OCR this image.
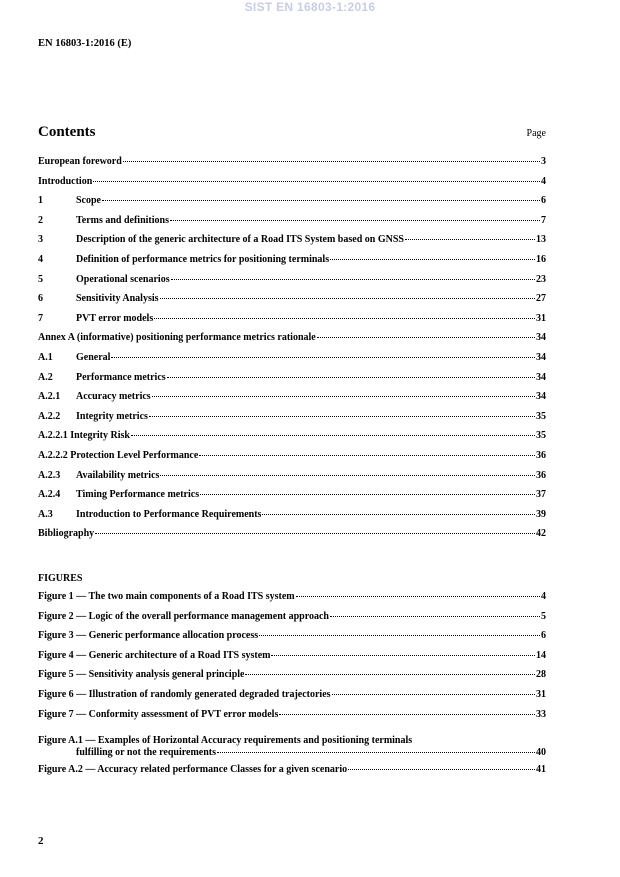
SIST EN 16803-1:2016
EN 16803-1:2016 (E)
Contents	Page
European foreword	3
Introduction	4
1	Scope	6
2	Terms and definitions	7
3	Description of the generic architecture of a Road ITS System based on GNSS	13
4	Definition of performance metrics for positioning terminals	16
5	Operational scenarios	23
6	Sensitivity Analysis	27
7	PVT error models	31
Annex A (informative) positioning performance metrics rationale	34
A.1	General	34
A.2	Performance metrics	34
A.2.1	Accuracy metrics	34
A.2.2	Integrity metrics	35
A.2.2.1 Integrity Risk	35
A.2.2.2 Protection Level Performance	36
A.2.3	Availability metrics	36
A.2.4	Timing Performance metrics	37
A.3	Introduction to Performance Requirements	39
Bibliography	42
FIGURES
Figure 1 — The two main components of a Road ITS system	4
Figure 2 — Logic of the overall performance management approach	5
Figure 3 — Generic performance allocation process	6
Figure 4 — Generic architecture of a Road ITS system	14
Figure 5 — Sensitivity analysis general principle	28
Figure 6 — Illustration of randomly generated degraded trajectories	31
Figure 7 — Conformity assessment of PVT error models	33
Figure A.1 — Examples of Horizontal Accuracy requirements and positioning terminals
fulfilling or not the requirements	40
Figure A.2 — Accuracy related performance Classes for a given scenario	41
2
